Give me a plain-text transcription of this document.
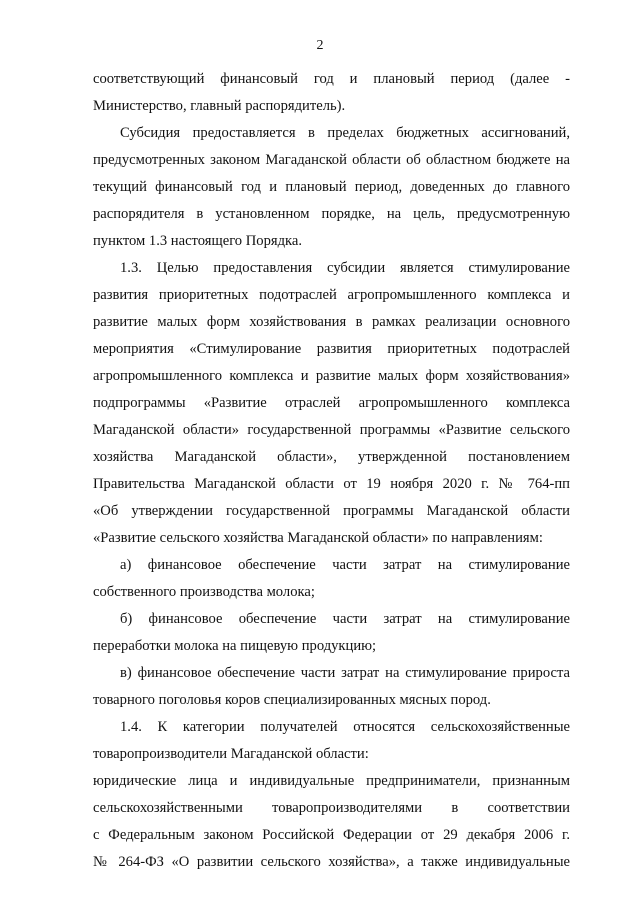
2
соответствующий финансовый год и плановый период (далее -
Министерство, главный распорядитель).
Субсидия предоставляется в пределах бюджетных ассигнований,
предусмотренных законом Магаданской области об областном бюджете на
текущий финансовый год и плановый период, доведенных до главного
распорядителя в установленном порядке, на цель, предусмотренную
пунктом 1.3 настоящего Порядка.
1.3. Целью предоставления субсидии является стимулирование
развития приоритетных подотраслей агропромышленного комплекса и
развитие малых форм хозяйствования в рамках реализации основного
мероприятия «Стимулирование развития приоритетных подотраслей
агропромышленного комплекса и развитие малых форм хозяйствования»
подпрограммы «Развитие отраслей агропромышленного комплекса
Магаданской области» государственной программы «Развитие сельского
хозяйства Магаданской области», утвержденной постановлением
Правительства Магаданской области от 19 ноября 2020 г. № 764-пп
«Об утверждении государственной программы Магаданской области
«Развитие сельского хозяйства Магаданской области» по направлениям:
а) финансовое обеспечение части затрат на стимулирование
собственного производства молока;
б) финансовое обеспечение части затрат на стимулирование
переработки молока на пищевую продукцию;
в) финансовое обеспечение части затрат на стимулирование прироста
товарного поголовья коров специализированных мясных пород.
1.4. К категории получателей относятся сельскохозяйственные
товаропроизводители Магаданской области:
юридические лица и индивидуальные предприниматели, признанным
сельскохозяйственными товаропроизводителями в соответствии
с Федеральным законом Российской Федерации от 29 декабря 2006 г.
№ 264-ФЗ «О развитии сельского хозяйства», а также индивидуальные
